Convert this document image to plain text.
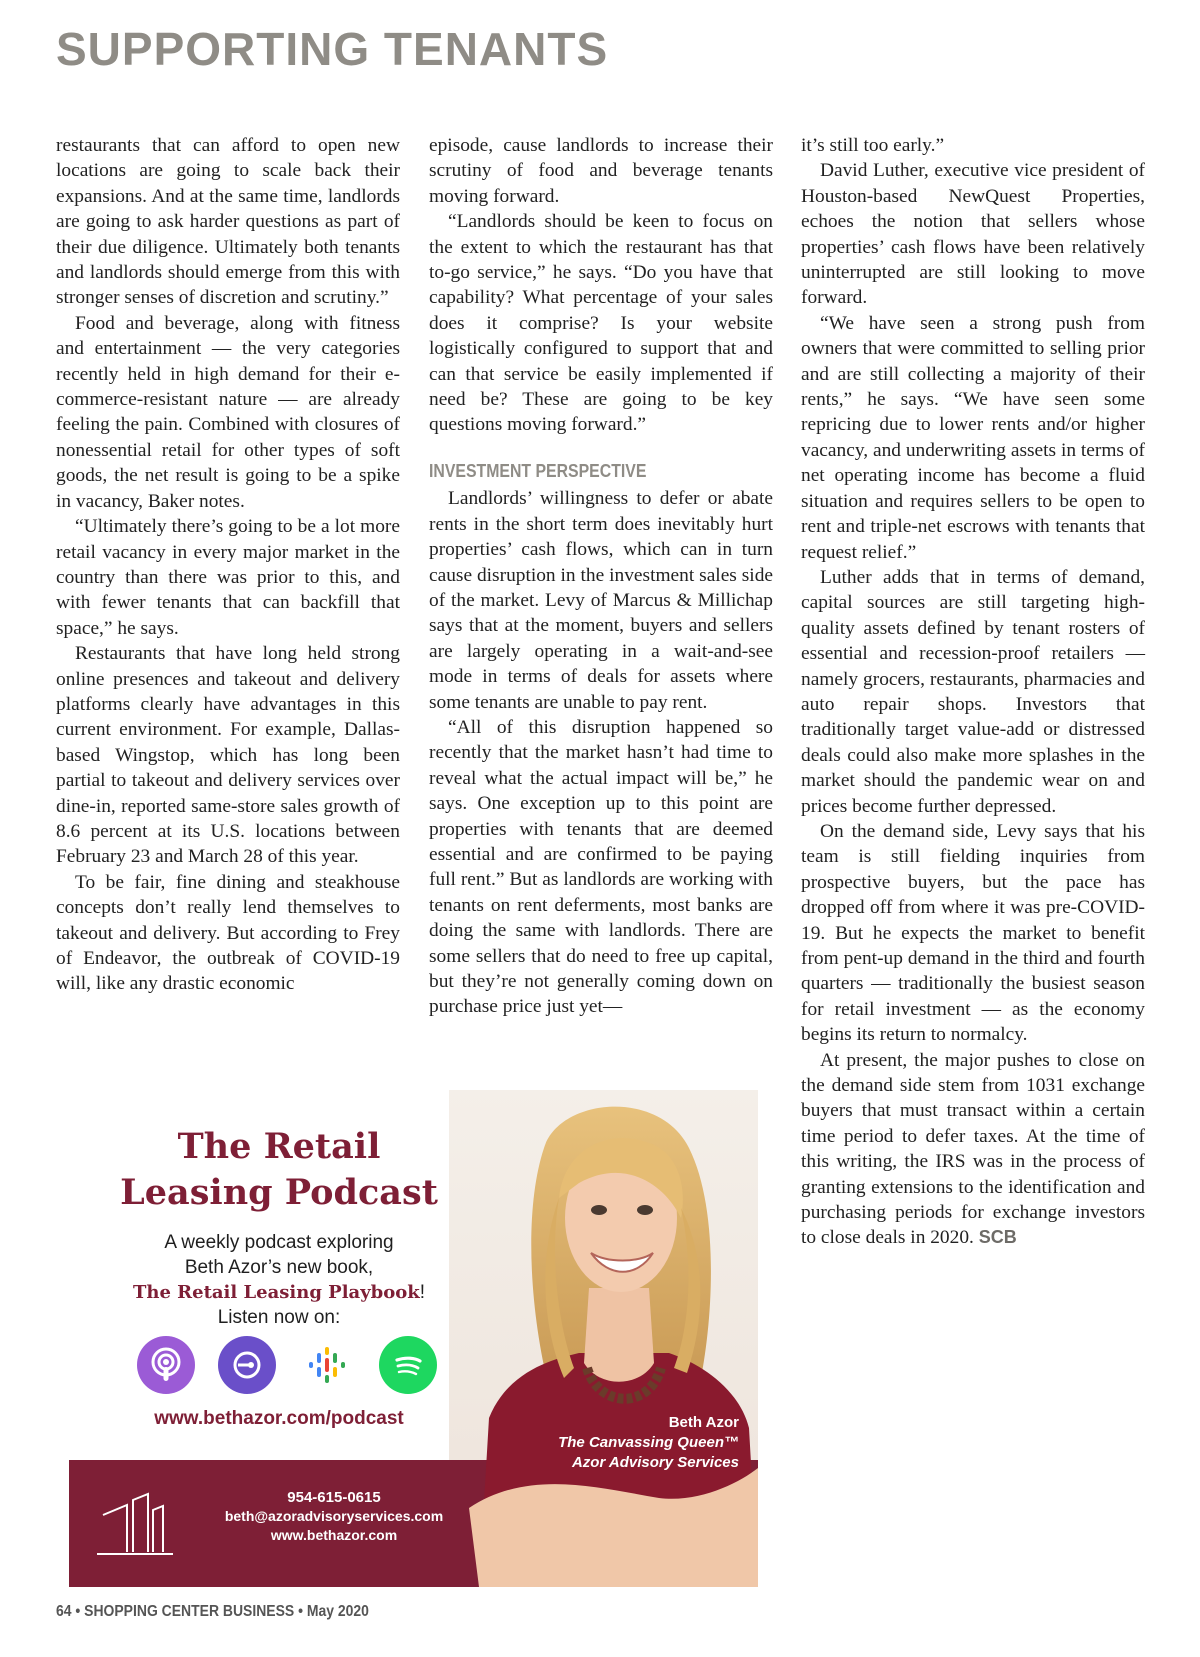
SUPPORTING TENANTS

restaurants that can afford to open new locations are going to scale back their expansions. And at the same time, landlords are going to ask harder questions as part of their due diligence. Ultimately both tenants and landlords should emerge from this with stronger senses of discretion and scrutiny.”

Food and beverage, along with fitness and entertainment — the very categories recently held in high demand for their e-commerce-resistant nature — are already feeling the pain. Combined with closures of nonessential retail for other types of soft goods, the net result is going to be a spike in vacancy, Baker notes.

“Ultimately there’s going to be a lot more retail vacancy in every major market in the country than there was prior to this, and with fewer tenants that can backfill that space,” he says.

Restaurants that have long held strong online presences and takeout and delivery platforms clearly have advantages in this current environment. For example, Dallas-based Wingstop, which has long been partial to takeout and delivery services over dine-in, reported same-store sales growth of 8.6 percent at its U.S. locations between February 23 and March 28 of this year.

To be fair, fine dining and steakhouse concepts don’t really lend themselves to takeout and delivery. But according to Frey of Endeavor, the outbreak of COVID-19 will, like any drastic economic

episode, cause landlords to increase their scrutiny of food and beverage tenants moving forward.

“Landlords should be keen to focus on the extent to which the restaurant has that to-go service,” he says. “Do you have that capability? What percentage of your sales does it comprise? Is your website logistically configured to support that and can that service be easily implemented if need be? These are going to be key questions moving forward.”

INVESTMENT PERSPECTIVE

Landlords’ willingness to defer or abate rents in the short term does inevitably hurt properties’ cash flows, which can in turn cause disruption in the investment sales side of the market. Levy of Marcus & Millichap says that at the moment, buyers and sellers are largely operating in a wait-and-see mode in terms of deals for assets where some tenants are unable to pay rent.

“All of this disruption happened so recently that the market hasn’t had time to reveal what the actual impact will be,” he says. One exception up to this point are properties with tenants that are deemed essential and are confirmed to be paying full rent.” But as landlords are working with tenants on rent deferments, most banks are doing the same with landlords. There are some sellers that do need to free up capital, but they’re not generally coming down on purchase price just yet—

it’s still too early.”

David Luther, executive vice president of Houston-based NewQuest Properties, echoes the notion that sellers whose properties’ cash flows have been relatively uninterrupted are still looking to move forward.

“We have seen a strong push from owners that were committed to selling prior and are still collecting a majority of their rents,” he says. “We have seen some repricing due to lower rents and/or higher vacancy, and underwriting assets in terms of net operating income has become a fluid situation and requires sellers to be open to rent and triple-net escrows with tenants that request relief.”

Luther adds that in terms of demand, capital sources are still targeting high-quality assets defined by tenant rosters of essential and recession-proof retailers — namely grocers, restaurants, pharmacies and auto repair shops. Investors that traditionally target value-add or distressed deals could also make more splashes in the market should the pandemic wear on and prices become further depressed.

On the demand side, Levy says that his team is still fielding inquiries from prospective buyers, but the pace has dropped off from where it was pre-COVID-19. But he expects the market to benefit from pent-up demand in the third and fourth quarters — traditionally the busiest season for retail investment — as the economy begins its return to normalcy.

At present, the major pushes to close on the demand side stem from 1031 exchange buyers that must transact within a certain time period to defer taxes. At the time of this writing, the IRS was in the process of granting extensions to the identification and purchasing periods for exchange investors to close deals in 2020. SCB

The Retail
Leasing Podcast
A weekly podcast exploring
Beth Azor’s new book,
The Retail Leasing Playbook!
Listen now on:
www.bethazor.com/podcast	Beth Azor
The Canvassing Queen™
Azor Advisory Services
954-615-0615
beth@azoradvisoryservices.com
www.bethazor.com
64 • SHOPPING CENTER BUSINESS • May 2020
